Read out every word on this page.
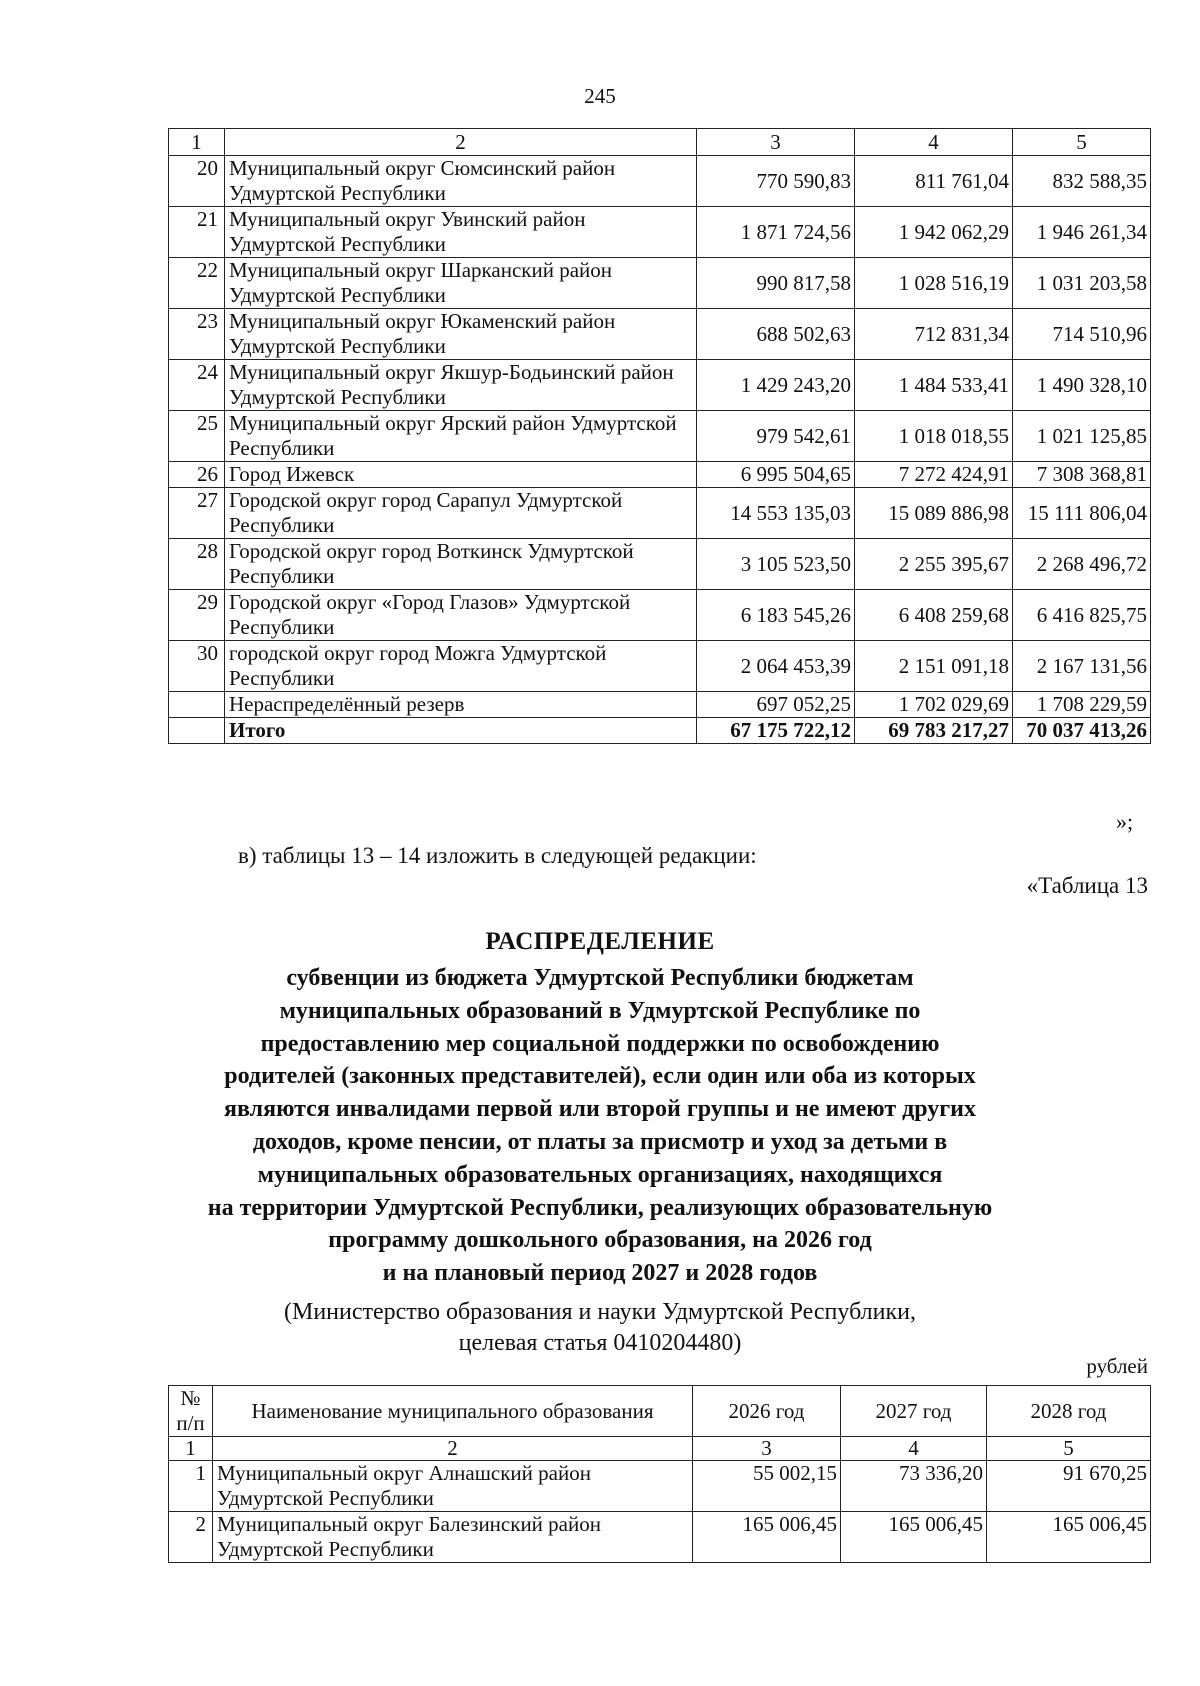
245
1	2	3	4	5
20	Муниципальный округ Сюмсинский район Удмуртской Республики	770 590,83	811 761,04	832 588,35
21	Муниципальный округ Увинский район Удмуртской Республики	1 871 724,56	1 942 062,29	1 946 261,34
22	Муниципальный округ Шарканский район Удмуртской Республики	990 817,58	1 028 516,19	1 031 203,58
23	Муниципальный округ Юкаменский район Удмуртской Республики	688 502,63	712 831,34	714 510,96
24	Муниципальный округ Якшур-Бодьинский район Удмуртской Республики	1 429 243,20	1 484 533,41	1 490 328,10
25	Муниципальный округ Ярский район Удмуртской Республики	979 542,61	1 018 018,55	1 021 125,85
26	Город Ижевск	6 995 504,65	7 272 424,91	7 308 368,81
27	Городской округ город Сарапул Удмуртской Республики	14 553 135,03	15 089 886,98	15 111 806,04
28	Городской округ город Воткинск Удмуртской Республики	3 105 523,50	2 255 395,67	2 268 496,72
29	Городской округ «Город Глазов» Удмуртской Республики	6 183 545,26	6 408 259,68	6 416 825,75
30	городской округ город Можга Удмуртской Республики	2 064 453,39	2 151 091,18	2 167 131,56
	Нераспределённый резерв	697 052,25	1 702 029,69	1 708 229,59
	Итого	67 175 722,12	69 783 217,27	70 037 413,26
»;
в) таблицы 13 – 14 изложить в следующей редакции:
«Таблица 13
РАСПРЕДЕЛЕНИЕ
субвенции из бюджета Удмуртской Республики бюджетам
муниципальных образований в Удмуртской Республике по
предоставлению мер социальной поддержки по освобождению
родителей (законных представителей), если один или оба из которых
являются инвалидами первой или второй группы и не имеют других
доходов, кроме пенсии, от платы за присмотр и уход за детьми в
муниципальных образовательных организациях, находящихся
на территории Удмуртской Республики, реализующих образовательную
программу дошкольного образования, на 2026 год
и на плановый период 2027 и 2028 годов
(Министерство образования и науки Удмуртской Республики,
целевая статья 0410204480)
рублей
№ п/п	Наименование муниципального образования	2026 год	2027 год	2028 год
1	2	3	4	5
1	Муниципальный округ Алнашский район Удмуртской Республики	55 002,15	73 336,20	91 670,25
2	Муниципальный округ Балезинский район Удмуртской Республики	165 006,45	165 006,45	165 006,45
